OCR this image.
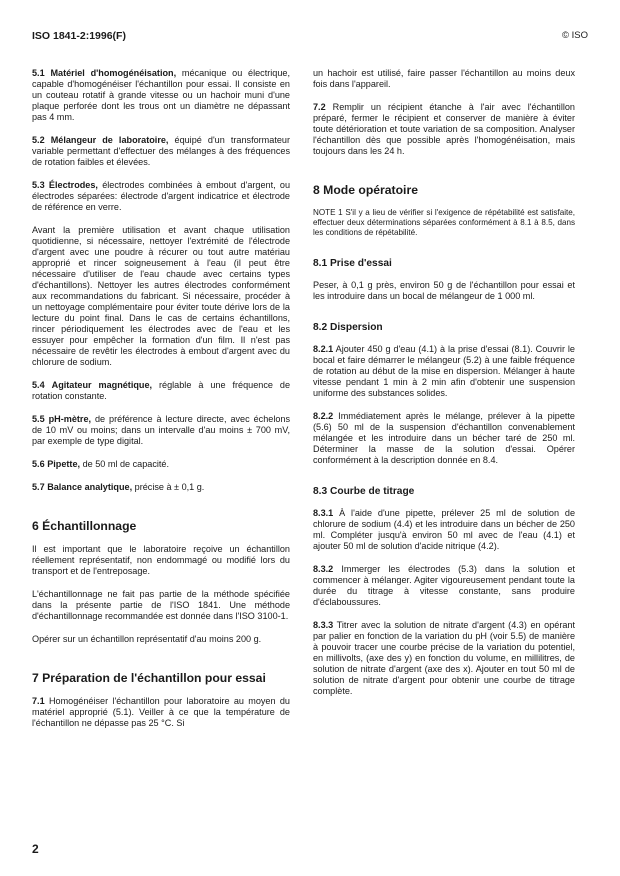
ISO 1841-2:1996(F)	© ISO

5.1 Matériel d'homogénéisation, mécanique ou électrique, capable d'homogénéiser l'échantillon pour essai. Il consiste en un couteau rotatif à grande vitesse ou un hachoir muni d'une plaque perforée dont les trous ont un diamètre ne dépassant pas 4 mm.

5.2 Mélangeur de laboratoire, équipé d'un transformateur variable permettant d'effectuer des mélanges à des fréquences de rotation faibles et élevées.

5.3 Électrodes, électrodes combinées à embout d'argent, ou électrodes séparées: électrode d'argent indicatrice et électrode de référence en verre.

Avant la première utilisation et avant chaque utilisation quotidienne, si nécessaire, nettoyer l'extrémité de l'électrode d'argent avec une poudre à récurer ou tout autre matériau approprié et rincer soigneusement à l'eau (il peut être nécessaire d'utiliser de l'eau chaude avec certains types d'échantillons). Nettoyer les autres électrodes conformément aux recommandations du fabricant. Si nécessaire, procéder à un nettoyage complémentaire pour éviter toute dérive lors de la lecture du point final. Dans le cas de certains échantillons, rincer périodiquement les électrodes avec de l'eau et les essuyer pour empêcher la formation d'un film. Il n'est pas nécessaire de revêtir les électrodes à embout d'argent avec du chlorure de sodium.

5.4 Agitateur magnétique, réglable à une fréquence de rotation constante.

5.5 pH-mètre, de préférence à lecture directe, avec échelons de 10 mV ou moins; dans un intervalle d'au moins ± 700 mV, par exemple de type digital.

5.6 Pipette, de 50 ml de capacité.

5.7 Balance analytique, précise à ± 0,1 g.

6 Échantillonnage

Il est important que le laboratoire reçoive un échantillon réellement représentatif, non endommagé ou modifié lors du transport et de l'entreposage.

L'échantillonnage ne fait pas partie de la méthode spécifiée dans la présente partie de l'ISO 1841. Une méthode d'échantillonnage recommandée est donnée dans l'ISO 3100-1.

Opérer sur un échantillon représentatif d'au moins 200 g.

7 Préparation de l'échantillon pour essai

7.1 Homogénéiser l'échantillon pour laboratoire au moyen du matériel approprié (5.1). Veiller à ce que la température de l'échantillon ne dépasse pas 25 °C. Si

un hachoir est utilisé, faire passer l'échantillon au moins deux fois dans l'appareil.

7.2 Remplir un récipient étanche à l'air avec l'échantillon préparé, fermer le récipient et conserver de manière à éviter toute détérioration et toute variation de sa composition. Analyser l'échantillon dès que possible après l'homogénéisation, mais toujours dans les 24 h.

8 Mode opératoire

NOTE 1 S'il y a lieu de vérifier si l'exigence de répétabilité est satisfaite, effectuer deux déterminations séparées conformément à 8.1 à 8.5, dans les conditions de répétabilité.

8.1 Prise d'essai

Peser, à 0,1 g près, environ 50 g de l'échantillon pour essai et les introduire dans un bocal de mélangeur de 1 000 ml.

8.2 Dispersion

8.2.1 Ajouter 450 g d'eau (4.1) à la prise d'essai (8.1). Couvrir le bocal et faire démarrer le mélangeur (5.2) à une faible fréquence de rotation au début de la mise en dispersion. Mélanger à haute vitesse pendant 1 min à 2 min afin d'obtenir une suspension uniforme des substances solides.

8.2.2 Immédiatement après le mélange, prélever à la pipette (5.6) 50 ml de la suspension d'échantillon convenablement mélangée et les introduire dans un bécher taré de 250 ml. Déterminer la masse de la solution d'essai. Opérer conformément à la description donnée en 8.4.

8.3 Courbe de titrage

8.3.1 À l'aide d'une pipette, prélever 25 ml de solution de chlorure de sodium (4.4) et les introduire dans un bécher de 250 ml. Compléter jusqu'à environ 50 ml avec de l'eau (4.1) et ajouter 50 ml de solution d'acide nitrique (4.2).

8.3.2 Immerger les électrodes (5.3) dans la solution et commencer à mélanger. Agiter vigoureusement pendant toute la durée du titrage à vitesse constante, sans produire d'éclaboussures.

8.3.3 Titrer avec la solution de nitrate d'argent (4.3) en opérant par palier en fonction de la variation du pH (voir 5.5) de manière à pouvoir tracer une courbe précise de la variation du potentiel, en millivolts, (axe des y) en fonction du volume, en millilitres, de solution de nitrate d'argent (axe des x). Ajouter en tout 50 ml de solution de nitrate d'argent pour obtenir une courbe de titrage complète.

2
